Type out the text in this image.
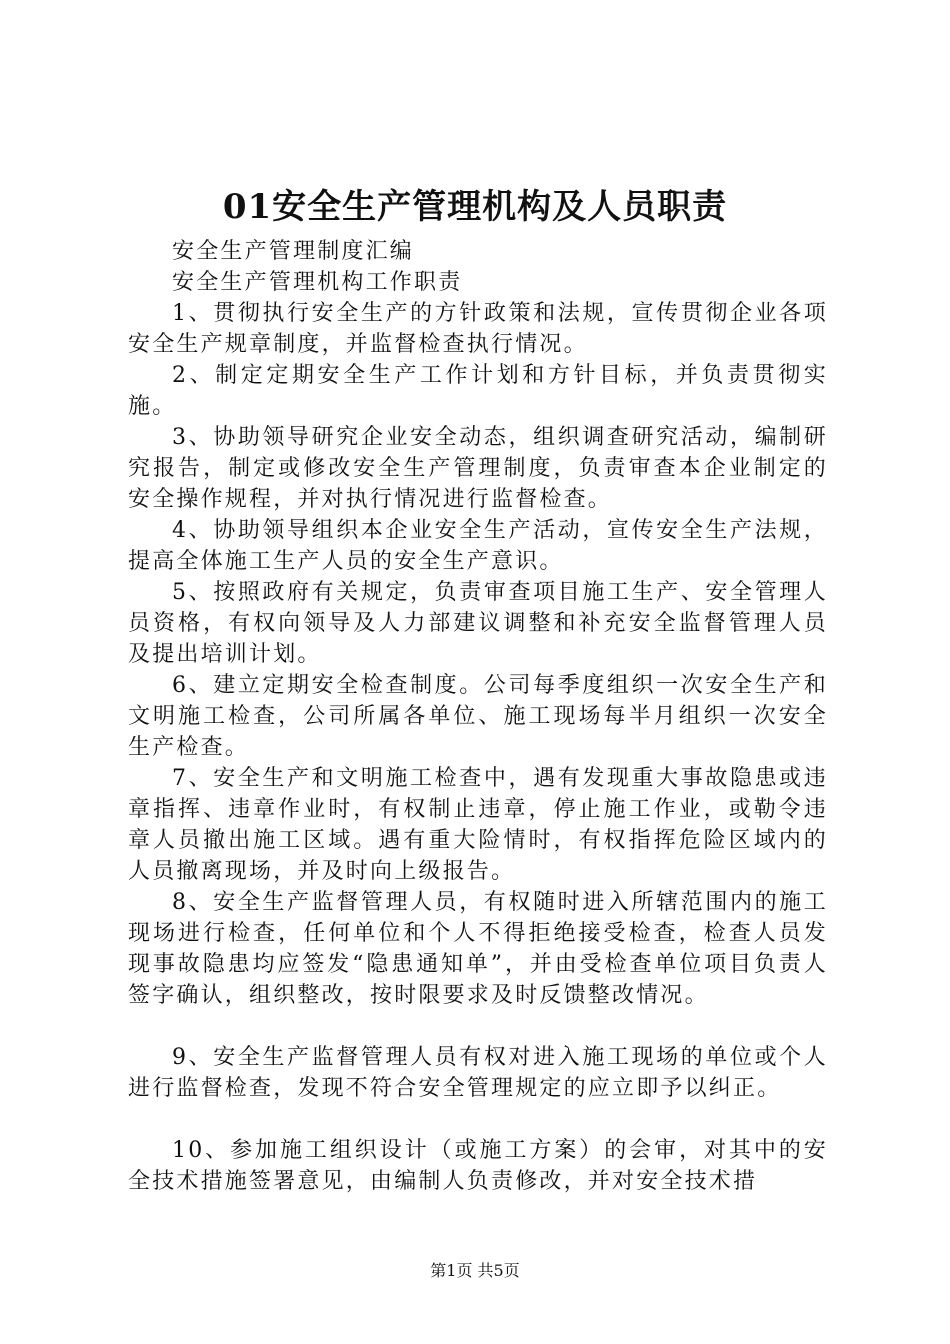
01安全生产管理机构及人员职责

安全生产管理制度汇编

安全生产管理机构工作职责

1、贯彻执行安全生产的方针政策和法规，宣传贯彻企业各项安全生产规章制度，并监督检查执行情况。

2、制定定期安全生产工作计划和方针目标，并负责贯彻实施。

3、协助领导研究企业安全动态，组织调查研究活动，编制研究报告，制定或修改安全生产管理制度，负责审查本企业制定的安全操作规程，并对执行情况进行监督检查。

4、协助领导组织本企业安全生产活动，宣传安全生产法规，提高全体施工生产人员的安全生产意识。

5、按照政府有关规定，负责审查项目施工生产、安全管理人员资格，有权向领导及人力部建议调整和补充安全监督管理人员及提出培训计划。

6、建立定期安全检查制度。公司每季度组织一次安全生产和文明施工检查，公司所属各单位、施工现场每半月组织一次安全生产检查。

7、安全生产和文明施工检查中，遇有发现重大事故隐患或违章指挥、违章作业时，有权制止违章，停止施工作业，或勒令违章人员撤出施工区域。遇有重大险情时，有权指挥危险区域内的人员撤离现场，并及时向上级报告。

8、安全生产监督管理人员，有权随时进入所辖范围内的施工现场进行检查，任何单位和个人不得拒绝接受检查，检查人员发现事故隐患均应签发“隐患通知单”，并由受检查单位项目负责人签字确认，组织整改，按时限要求及时反馈整改情况。

9、安全生产监督管理人员有权对进入施工现场的单位或个人进行监督检查，发现不符合安全管理规定的应立即予以纠正。

10、参加施工组织设计（或施工方案）的会审，对其中的安全技术措施签署意见，由编制人负责修改，并对安全技术措

第1页 共5页
